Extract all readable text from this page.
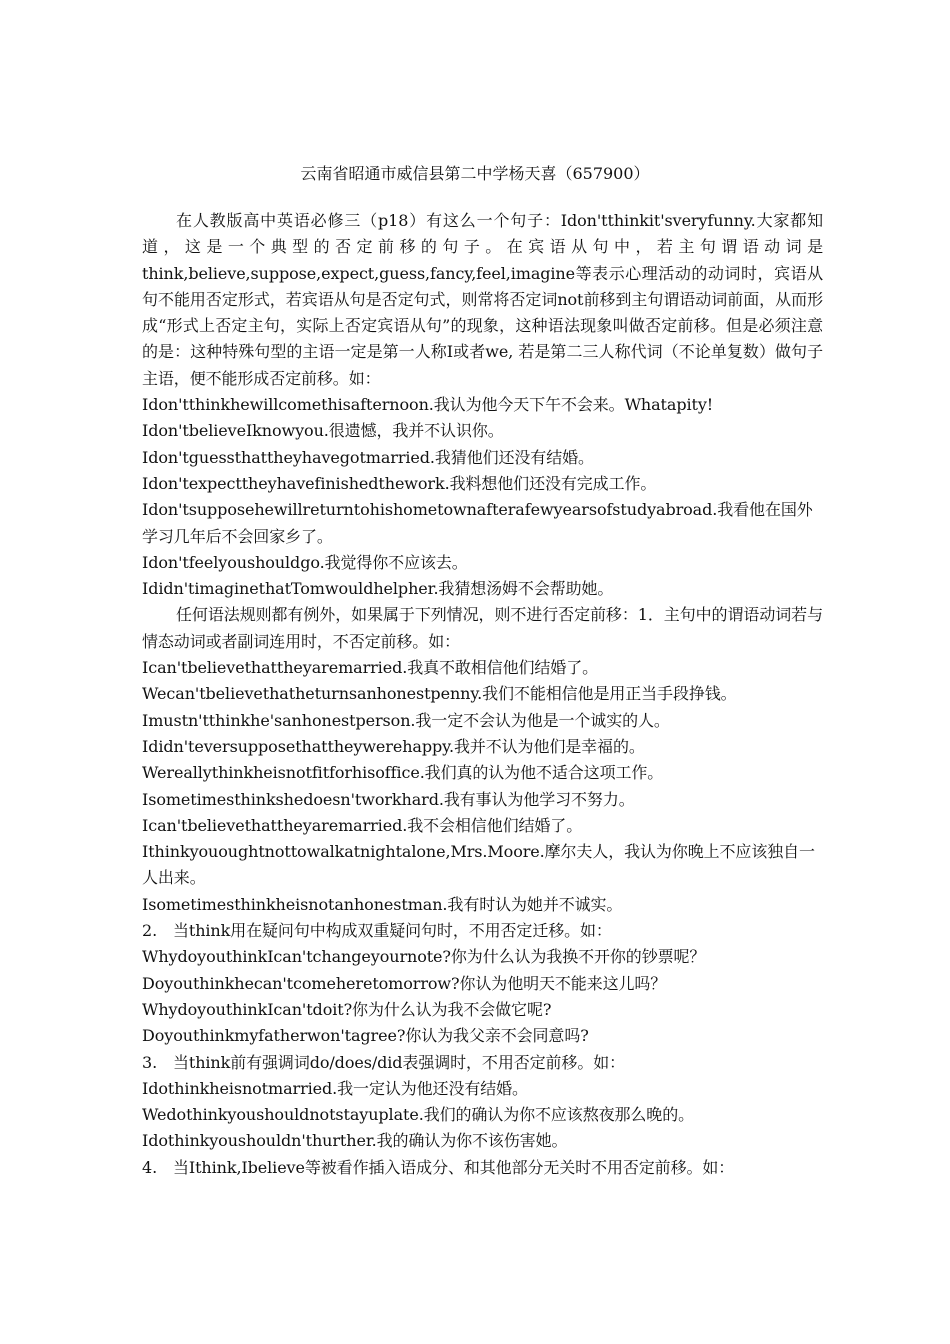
云南省昭通市威信县第二中学杨天喜（657900）

在人教版高中英语必修三（p18）有这么一个句子：Idon'tthinkit'sveryfunny.大家都知道，这是一个典型的否定前移的句子。在宾语从句中，若主句谓语动词是think,believe,suppose,expect,guess,fancy,feel,imagine等表示心理活动的动词时，宾语从句不能用否定形式，若宾语从句是否定句式，则常将否定词not前移到主句谓语动词前面，从而形成“形式上否定主句，实际上否定宾语从句”的现象，这种语法现象叫做否定前移。但是必须注意的是：这种特殊句型的主语一定是第一人称I或者we, 若是第二三人称代词（不论单复数）做句子主语，便不能形成否定前移。如：

Idon'tthinkhewillcomethisafternoon.我认为他今天下午不会来。Whatapity!

Idon'tbelieveIknowyou.很遗憾，我并不认识你。

Idon'tguessthattheyhavegotmarried.我猜他们还没有结婚。

Idon'texpecttheyhavefinishedthework.我料想他们还没有完成工作。

Idon'tsupposehewillreturntohishometownafterafewyearsofstudyabroad.我看他在国外学习几年后不会回家乡了。

Idon'tfeelyoushouldgo.我觉得你不应该去。

Ididn'timaginethatTomwouldhelpher.我猜想汤姆不会帮助她。

任何语法规则都有例外，如果属于下列情况，则不进行否定前移：1．主句中的谓语动词若与情态动词或者副词连用时，不否定前移。如：

Ican'tbelievethattheyaremarried.我真不敢相信他们结婚了。

Wecan'tbelievethatheturnsanhonestpenny.我们不能相信他是用正当手段挣钱。

Imustn'tthinkhe'sanhonestperson.我一定不会认为他是一个诚实的人。

Ididn'teversupposethattheywerehappy.我并不认为他们是幸福的。

Wereallythinkheisnotfitforhisoffice.我们真的认为他不适合这项工作。

Isometimesthinkshedoesn'tworkhard.我有事认为他学习不努力。

Ican'tbelievethattheyaremarried.我不会相信他们结婚了。

Ithinkyououghtnottowalkatnightalone,Mrs.Moore.摩尔夫人，我认为你晚上不应该独自一人出来。

Isometimesthinkheisnotanhonestman.我有时认为她并不诚实。

2.　当think用在疑问句中构成双重疑问句时，不用否定迁移。如：

WhydoyouthinkIcan'tchangeyournote?你为什么认为我换不开你的钞票呢？

Doyouthinkhecan'tcomeheretomorrow?你认为他明天不能来这儿吗？

WhydoyouthinkIcan'tdoit?你为什么认为我不会做它呢?

Doyouthinkmyfatherwon'tagree?你认为我父亲不会同意吗?

3.　当think前有强调词do/does/did表强调时，不用否定前移。如：

Idothinkheisnotmarried.我一定认为他还没有结婚。

Wedothinkyoushouldnotstayuplate.我们的确认为你不应该熬夜那么晚的。

Idothinkyoushouldn'thurther.我的确认为你不该伤害她。

4.　当Ithink,Ibelieve等被看作插入语成分、和其他部分无关时不用否定前移。如：
